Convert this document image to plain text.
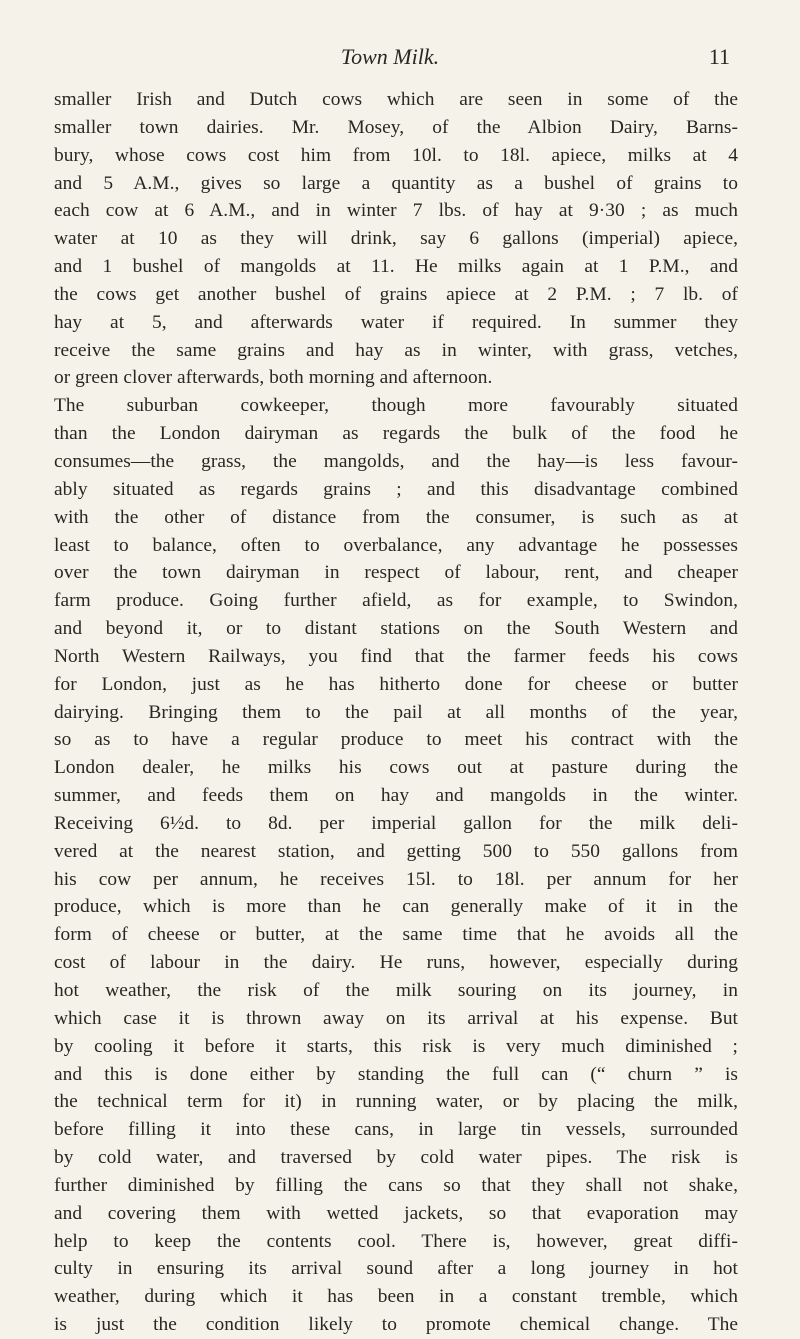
Town Milk.	11
smaller Irish and Dutch cows which are seen in some of the
smaller town dairies. Mr. Mosey, of the Albion Dairy, Barns-
bury, whose cows cost him from 10l. to 18l. apiece, milks at 4
and 5 A.M., gives so large a quantity as a bushel of grains to
each cow at 6 A.M., and in winter 7 lbs. of hay at 9·30 ; as much
water at 10 as they will drink, say 6 gallons (imperial) apiece,
and 1 bushel of mangolds at 11. He milks again at 1 P.M., and
the cows get another bushel of grains apiece at 2 P.M. ; 7 lb. of
hay at 5, and afterwards water if required. In summer they
receive the same grains and hay as in winter, with grass, vetches,
or green clover afterwards, both morning and afternoon.
The suburban cowkeeper, though more favourably situated
than the London dairyman as regards the bulk of the food he
consumes—the grass, the mangolds, and the hay—is less favour-
ably situated as regards grains ; and this disadvantage combined
with the other of distance from the consumer, is such as at
least to balance, often to overbalance, any advantage he possesses
over the town dairyman in respect of labour, rent, and cheaper
farm produce. Going further afield, as for example, to Swindon,
and beyond it, or to distant stations on the South Western and
North Western Railways, you find that the farmer feeds his cows
for London, just as he has hitherto done for cheese or butter
dairying. Bringing them to the pail at all months of the year,
so as to have a regular produce to meet his contract with the
London dealer, he milks his cows out at pasture during the
summer, and feeds them on hay and mangolds in the winter.
Receiving 6½d. to 8d. per imperial gallon for the milk deli-
vered at the nearest station, and getting 500 to 550 gallons from
his cow per annum, he receives 15l. to 18l. per annum for her
produce, which is more than he can generally make of it in the
form of cheese or butter, at the same time that he avoids all the
cost of labour in the dairy. He runs, however, especially during
hot weather, the risk of the milk souring on its journey, in
which case it is thrown away on its arrival at his expense. But
by cooling it before it starts, this risk is very much diminished ;
and this is done either by standing the full can (“ churn ” is
the technical term for it) in running water, or by placing the milk,
before filling it into these cans, in large tin vessels, surrounded
by cold water, and traversed by cold water pipes. The risk is
further diminished by filling the cans so that they shall not shake,
and covering them with wetted jackets, so that evaporation may
help to keep the contents cool. There is, however, great diffi-
culty in ensuring its arrival sound after a long journey in hot
weather, during which it has been in a constant tremble, which
is just the condition likely to promote chemical change. The
